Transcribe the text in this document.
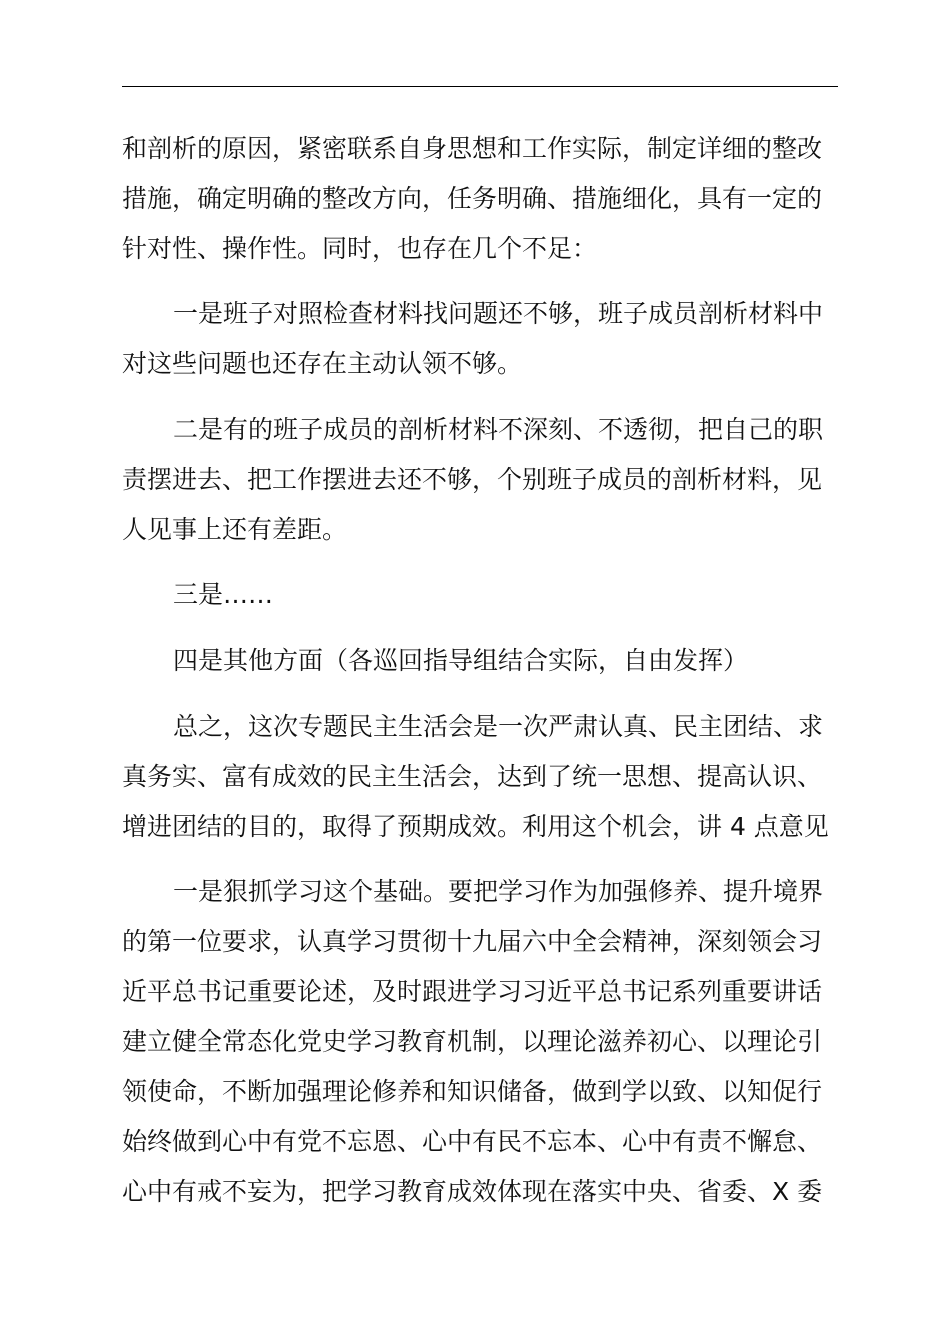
和剖析的原因，紧密联系自身思想和工作实际，制定详细的整改
措施，确定明确的整改方向，任务明确、措施细化，具有一定的
针对性、操作性。同时，也存在几个不足：
一是班子对照检查材料找问题还不够，班子成员剖析材料中
对这些问题也还存在主动认领不够。
二是有的班子成员的剖析材料不深刻、不透彻，把自己的职
责摆进去、把工作摆进去还不够，个别班子成员的剖析材料，见
人见事上还有差距。
三是……
四是其他方面（各巡回指导组结合实际，自由发挥）
总之，这次专题民主生活会是一次严肃认真、民主团结、求
真务实、富有成效的民主生活会，达到了统一思想、提高认识、
增进团结的目的，取得了预期成效。利用这个机会，讲 4 点意见
一是狠抓学习这个基础。要把学习作为加强修养、提升境界
的第一位要求，认真学习贯彻十九届六中全会精神，深刻领会习
近平总书记重要论述，及时跟进学习习近平总书记系列重要讲话
建立健全常态化党史学习教育机制，以理论滋养初心、以理论引
领使命，不断加强理论修养和知识储备，做到学以致、以知促行
始终做到心中有党不忘恩、心中有民不忘本、心中有责不懈怠、
心中有戒不妄为，把学习教育成效体现在落实中央、省委、X 委
